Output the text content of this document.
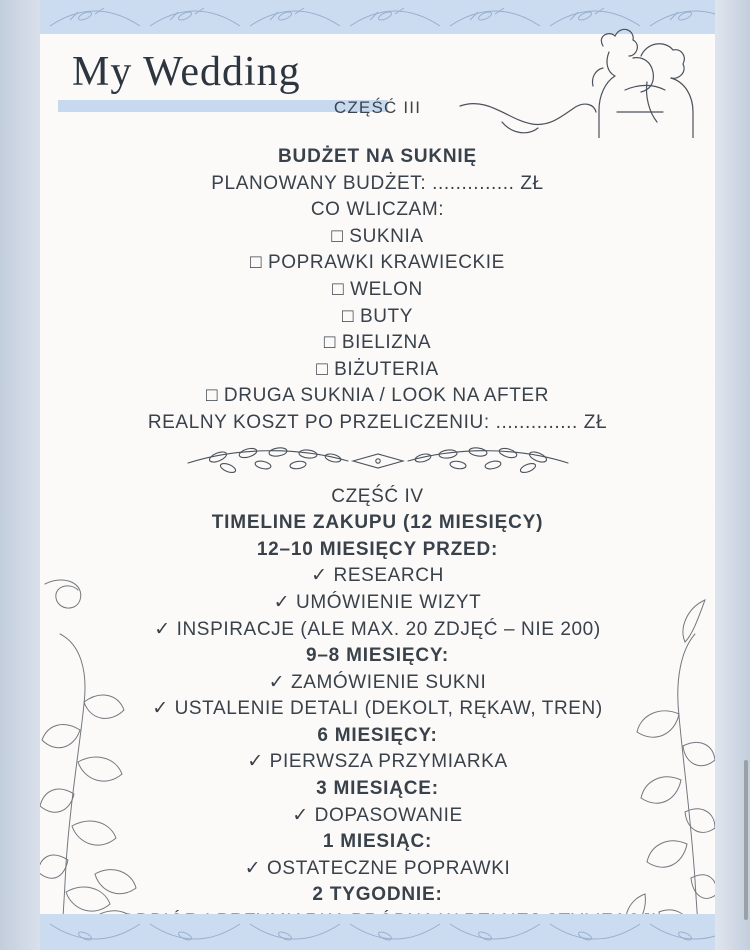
My Wedding
CZĘŚĆ III
BUDŻET NA SUKNIĘ
PLANOWANY BUDŻET: .............. ZŁ
CO WLICZAM:
□ SUKNIA
□ POPRAWKI KRAWIECKIE
□ WELON
□ BUTY
□ BIELIZNA
□ BIŻUTERIA
□ DRUGA SUKNIA / LOOK NA AFTER
REALNY KOSZT PO PRZELICZENIU: .............. ZŁ
CZĘŚĆ IV
TIMELINE ZAKUPU (12 MIESIĘCY)
12–10 MIESIĘCY PRZED:
✓ RESEARCH
✓ UMÓWIENIE WIZYT
✓ INSPIRACJE (ALE MAX. 20 ZDJĘĆ – NIE 200)
9–8 MIESIĘCY:
✓ ZAMÓWIENIE SUKNI
✓ USTALENIE DETALI (DEKOLT, RĘKAW, TREN)
6 MIESIĘCY:
✓ PIERWSZA PRZYMIARKA
3 MIESIĄCE:
✓ DOPASOWANIE
1 MIESIĄC:
✓ OSTATECZNE POPRAWKI
2 TYGODNIE:
